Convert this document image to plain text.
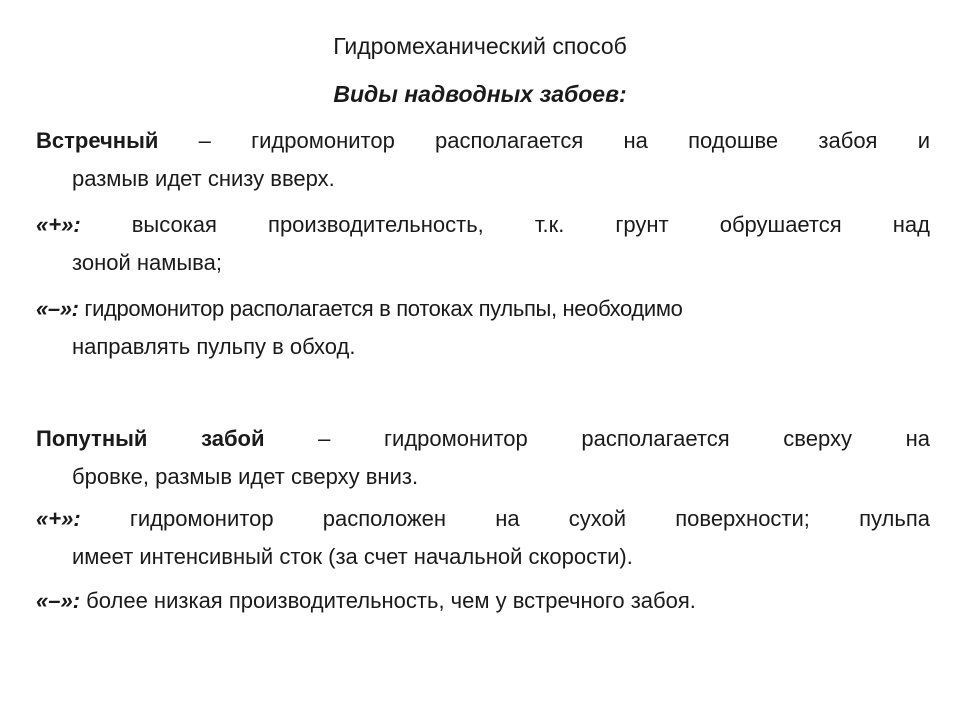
Гидромеханический способ
Виды надводных забоев:
Встречный – гидромонитор располагается на подошве забоя и
размыв идет снизу вверх.
«+»: высокая производительность, т.к. грунт обрушается над
зоной намыва;
«–»: гидромонитор располагается в потоках пульпы, необходимо
направлять пульпу в обход.
Попутный забой – гидромонитор располагается сверху на
бровке, размыв идет сверху вниз.
«+»: гидромонитор расположен на сухой поверхности; пульпа
имеет интенсивный сток (за счет начальной скорости).
«–»: более низкая производительность, чем у встречного забоя.
